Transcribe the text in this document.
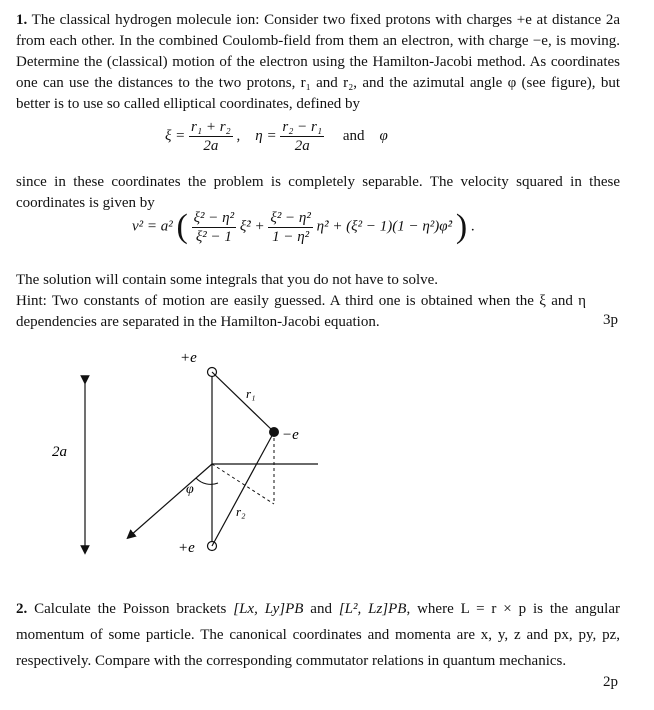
1. The classical hydrogen molecule ion: Consider two fixed protons with charges +e at distance 2a from each other. In the combined Coulomb-field from them an electron, with charge −e, is moving. Determine the (classical) motion of the electron using the Hamilton-Jacobi method. As coordinates one can use the distances to the two protons, r₁ and r₂, and the azimutal angle φ (see figure), but better is to use so called elliptical coordinates, defined by

$\xi = \frac{\text{r₁ + r₂}}{2a}$ , $\eta = \frac{\text{r₂ − r₁}}{2a}$ and φ

since in these coordinates the problem is completely separable. The velocity squared in these coordinates is given by

v² = a² ( $\frac{\text{ξ² − η²}}{\text{ξ² − 1}}$ ξ̇² + $\frac{\text{ξ² − η²}}{\text{1 − η²}}$ η̇² + (ξ² − 1)(1 − η²)φ̇² ) .

The solution will contain some integrals that you do not have to solve.

Hint: Two constants of motion are easily guessed. A third one is obtained when the ξ and η dependencies are separated in the Hamilton-Jacobi equation.	3p
2a
+e
+e
r₁
−e
r₂
φ

2. Calculate the Poisson brackets [Lx, Ly]PB and [L², Lz]PB, where L = r × p is the angular momentum of some particle. The canonical coordinates and momenta are x, y, z and px, py, pz, respectively. Compare with the corresponding commutator relations in quantum mechanics.

2p
